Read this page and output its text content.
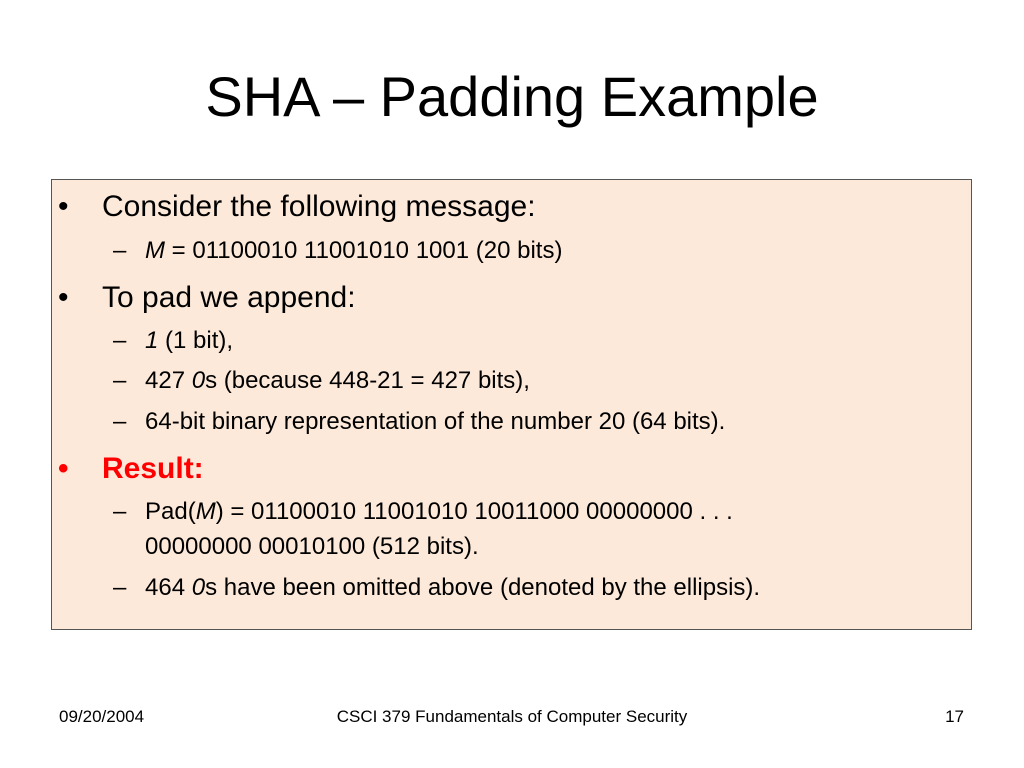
SHA – Padding Example
• Consider the following message:
– M = 01100010 11001010 1001 (20 bits)
• To pad we append:
– 1 (1 bit),
– 427 0s (because 448-21 = 427 bits),
– 64-bit binary representation of the number 20 (64 bits).
• Result:
– Pad(M) = 01100010 11001010 10011000 00000000 . . .
00000000 00010100 (512 bits).
– 464 0s have been omitted above (denoted by the ellipsis).
09/20/2004	CSCI 379 Fundamentals of Computer Security	17
